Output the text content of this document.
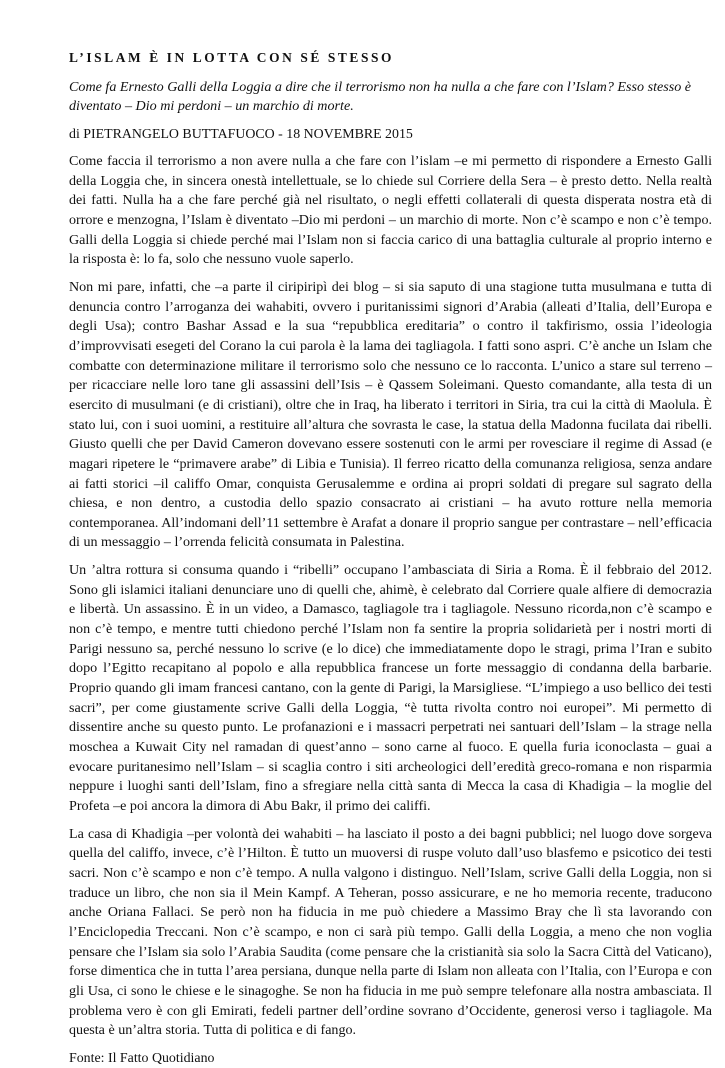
L’ISLAM È IN LOTTA CON SÉ STESSO
Come fa Ernesto Galli della Loggia a dire che il terrorismo non ha nulla a che fare con l’Islam? Esso stesso è diventato – Dio mi perdoni – un marchio di morte.
di PIETRANGELO BUTTAFUOCO - 18 NOVEMBRE 2015
Come faccia il terrorismo a non avere nulla a che fare con l’islam –e mi permetto di rispondere a Ernesto Galli della Loggia che, in sincera onestà intellettuale, se lo chiede sul Corriere della Sera – è presto detto. Nella realtà dei fatti. Nulla ha a che fare perché già nel risultato, o negli effetti collaterali di questa disperata nostra età di orrore e menzogna, l’Islam è diventato –Dio mi perdoni – un marchio di morte. Non c’è scampo e non c’è tempo. Galli della Loggia si chiede perché mai l’Islam non si faccia carico di una battaglia culturale al proprio interno e la risposta è: lo fa, solo che nessuno vuole saperlo.
Non mi pare, infatti, che –a parte il ciripiripì dei blog – si sia saputo di una stagione tutta musulmana e tutta di denuncia contro l’arroganza dei wahabiti, ovvero i puritanissimi signori d’Arabia (alleati d’Italia, dell’Europa e degli Usa); contro Bashar Assad e la sua “repubblica ereditaria” o contro il takfirismo, ossia l’ideologia d’improvvisati esegeti del Corano la cui parola è la lama dei tagliagola. I fatti sono aspri. C’è anche un Islam che combatte con determinazione militare il terrorismo solo che nessuno ce lo racconta. L’unico a stare sul terreno – per ricacciare nelle loro tane gli assassini dell’Isis – è Qassem Soleimani. Questo comandante, alla testa di un esercito di musulmani (e di cristiani), oltre che in Iraq, ha liberato i territori in Siria, tra cui la città di Maolula. È stato lui, con i suoi uomini, a restituire all’altura che sovrasta le case, la statua della Madonna fucilata dai ribelli. Giusto quelli che per David Cameron dovevano essere sostenuti con le armi per rovesciare il regime di Assad (e magari ripetere le “primavere arabe” di Libia e Tunisia). Il ferreo ricatto della comunanza religiosa, senza andare ai fatti storici –il califfo Omar, conquista Gerusalemme e ordina ai propri soldati di pregare sul sagrato della chiesa, e non dentro, a custodia dello spazio consacrato ai cristiani – ha avuto rotture nella memoria contemporanea. All’indomani dell’11 settembre è Arafat a donare il proprio sangue per contrastare – nell’efficacia di un messaggio – l’orrenda felicità consumata in Palestina.
Un ’altra rottura si consuma quando i “ribelli” occupano l’ambasciata di Siria a Roma. È il febbraio del 2012. Sono gli islamici italiani denunciare uno di quelli che, ahimè, è celebrato dal Corriere quale alfiere di democrazia e libertà. Un assassino. È in un video, a Damasco, tagliagole tra i tagliagole. Nessuno ricorda,non c’è scampo e non c’è tempo, e mentre tutti chiedono perché l’Islam non fa sentire la propria solidarietà per i nostri morti di Parigi nessuno sa, perché nessuno lo scrive (e lo dice) che immediatamente dopo le stragi, prima l’Iran e subito dopo l’Egitto recapitano al popolo e alla repubblica francese un forte messaggio di condanna della barbarie. Proprio quando gli imam francesi cantano, con la gente di Parigi, la Marsigliese. “L’impiego a uso bellico dei testi sacri”, per come giustamente scrive Galli della Loggia, “è tutta rivolta contro noi europei”. Mi permetto di dissentire anche su questo punto. Le profanazioni e i massacri perpetrati nei santuari dell’Islam – la strage nella moschea a Kuwait City nel ramadan di quest’anno – sono carne al fuoco. E quella furia iconoclasta – guai a evocare puritanesimo nell’Islam – si scaglia contro i siti archeologici dell’eredità greco-romana e non risparmia neppure i luoghi santi dell’Islam, fino a sfregiare nella città santa di Mecca la casa di Khadigia – la moglie del Profeta –e poi ancora la dimora di Abu Bakr, il primo dei califfi.
La casa di Khadigia –per volontà dei wahabiti – ha lasciato il posto a dei bagni pubblici; nel luogo dove sorgeva quella del califfo, invece, c’è l’Hilton. È tutto un muoversi di ruspe voluto dall’uso blasfemo e psicotico dei testi sacri. Non c’è scampo e non c’è tempo. A nulla valgono i distinguo. Nell’Islam, scrive Galli della Loggia, non si traduce un libro, che non sia il Mein Kampf. A Teheran, posso assicurare, e ne ho memoria recente, traducono anche Oriana Fallaci. Se però non ha fiducia in me può chiedere a Massimo Bray che lì sta lavorando con l’Enciclopedia Treccani. Non c’è scampo, e non ci sarà più tempo. Galli della Loggia, a meno che non voglia pensare che l’Islam sia solo l’Arabia Saudita (come pensare che la cristianità sia solo la Sacra Città del Vaticano), forse dimentica che in tutta l’area persiana, dunque nella parte di Islam non alleata con l’Italia, con l’Europa e con gli Usa, ci sono le chiese e le sinagoghe. Se non ha fiducia in me può sempre telefonare alla nostra ambasciata. Il problema vero è con gli Emirati, fedeli partner dell’ordine sovrano d’Occidente, generosi verso i tagliagole. Ma questa è un’altra storia. Tutta di politica e di fango.
Fonte: Il Fatto Quotidiano
